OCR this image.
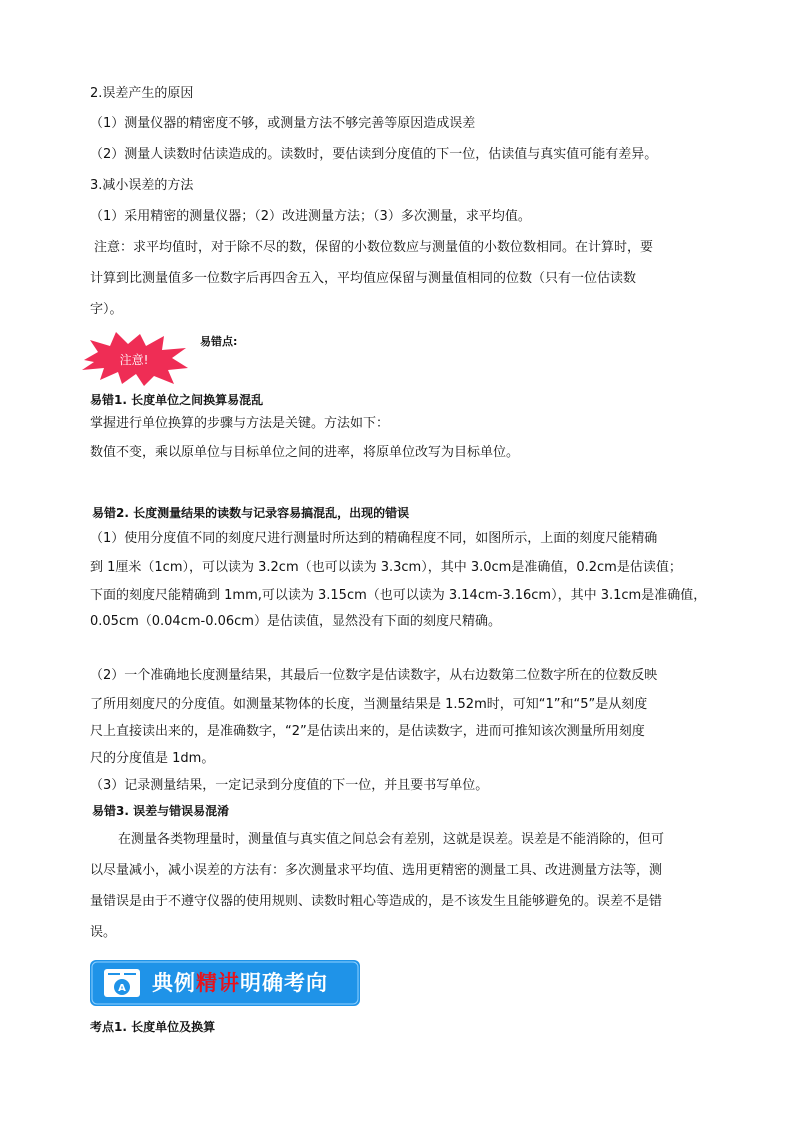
2.误差产生的原因

（1）测量仪器的精密度不够，或测量方法不够完善等原因造成误差

（2）测量人读数时估读造成的。读数时，要估读到分度值的下一位，估读值与真实值可能有差异。

3.减小误差的方法

（1）采用精密的测量仪器；（2）改进测量方法；（3）多次测量，求平均值。

注意：求平均值时，对于除不尽的数，保留的小数位数应与测量值的小数位数相同。在计算时，要

计算到比测量值多一位数字后再四舍五入，平均值应保留与测量值相同的位数（只有一位估读数

字）。

注意!

易错点:

易错1. 长度单位之间换算易混乱

掌握进行单位换算的步骤与方法是关键。方法如下：

数值不变，乘以原单位与目标单位之间的进率，将原单位改写为目标单位。

易错2. 长度测量结果的读数与记录容易搞混乱，出现的错误

（1）使用分度值不同的刻度尺进行测量时所达到的精确程度不同，如图所示，上面的刻度尺能精确

到 1厘米（1cm），可以读为 3.2cm（也可以读为 3.3cm），其中 3.0cm是准确值，0.2cm是估读值；

下面的刻度尺能精确到 1mm,可以读为 3.15cm（也可以读为 3.14cm-3.16cm），其中 3.1cm是准确值，

0.05cm（0.04cm-0.06cm）是估读值，显然没有下面的刻度尺精确。

（2）一个准确地长度测量结果，其最后一位数字是估读数字，从右边数第二位数字所在的位数反映

了所用刻度尺的分度值。如测量某物体的长度，当测量结果是 1.52m时，可知“1”和“5”是从刻度

尺上直接读出来的，是准确数字，“2”是估读出来的，是估读数字，进而可推知该次测量所用刻度

尺的分度值是 1dm。

（3）记录测量结果，一定记录到分度值的下一位，并且要书写单位。

易错3. 误差与错误易混淆

在测量各类物理量时，测量值与真实值之间总会有差别，这就是误差。误差是不能消除的，但可

以尽量减小，减小误差的方法有：多次测量求平均值、选用更精密的测量工具、改进测量方法等，测

量错误是由于不遵守仪器的使用规则、读数时粗心等造成的，是不该发生且能够避免的。误差不是错

误。

A 典例精讲明确考向

考点1. 长度单位及换算
